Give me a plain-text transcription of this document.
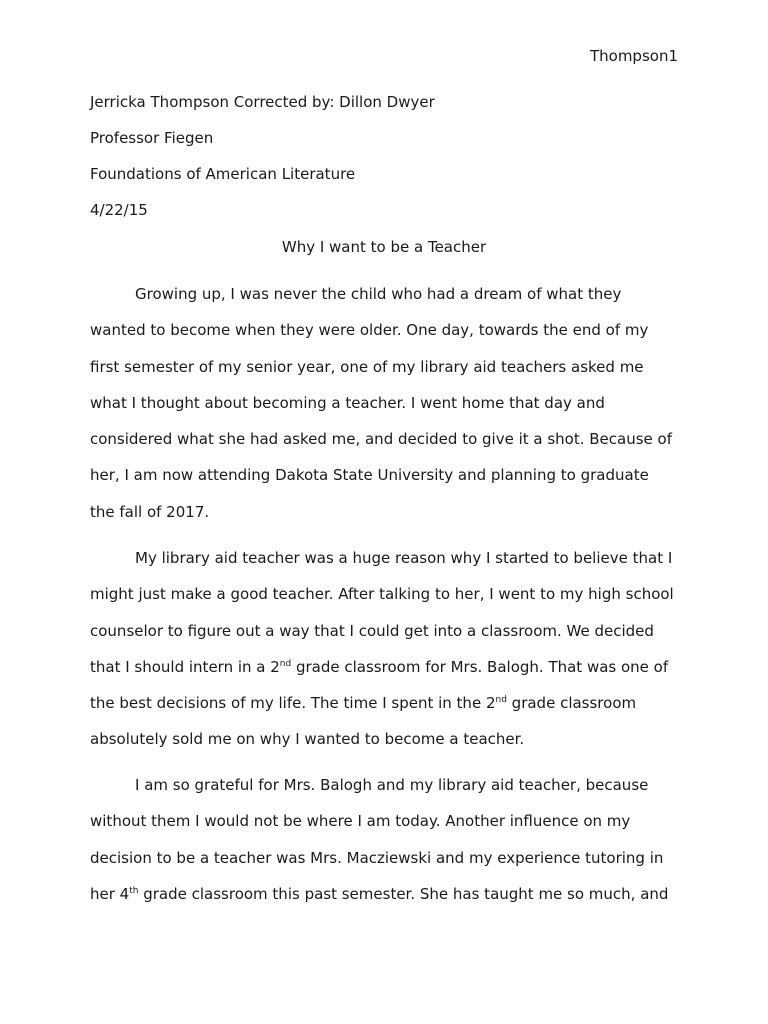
Thompson1
Jerricka Thompson Corrected by: Dillon Dwyer
Professor Fiegen
Foundations of American Literature
4/22/15
Why I want to be a Teacher
Growing up, I was never the child who had a dream of what they
wanted to become when they were older. One day, towards the end of my
first semester of my senior year, one of my library aid teachers asked me
what I thought about becoming a teacher. I went home that day and
considered what she had asked me, and decided to give it a shot. Because of
her, I am now attending Dakota State University and planning to graduate
the fall of 2017.
My library aid teacher was a huge reason why I started to believe that I
might just make a good teacher. After talking to her, I went to my high school
counselor to figure out a way that I could get into a classroom. We decided
that I should intern in a 2nd grade classroom for Mrs. Balogh. That was one of
the best decisions of my life. The time I spent in the 2nd grade classroom
absolutely sold me on why I wanted to become a teacher.
I am so grateful for Mrs. Balogh and my library aid teacher, because
without them I would not be where I am today. Another influence on my
decision to be a teacher was Mrs. Macziewski and my experience tutoring in
her 4th grade classroom this past semester. She has taught me so much, and
